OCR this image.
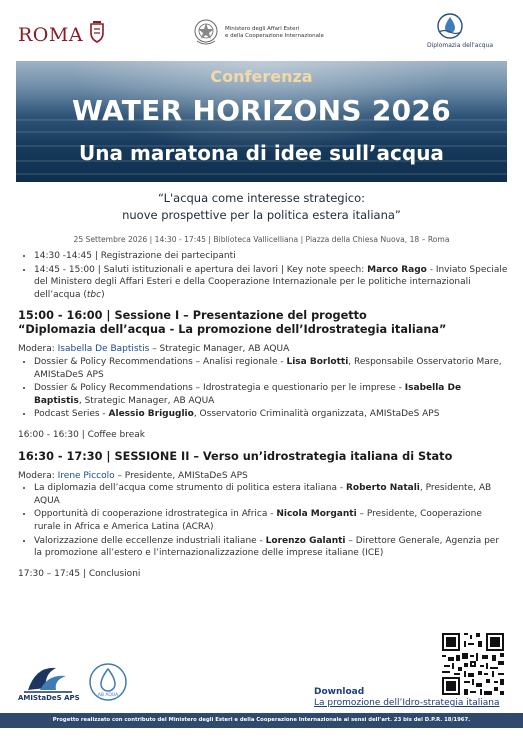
ROMA	Ministero degli Affari Esteri
e della Cooperazione Internazionale
Diplomazia dell'acqua
Conferenza
WATER HORIZONS 2026
Una maratona di idee sull’acqua
“L'acqua come interesse strategico:
nuove prospettive per la politica estera italiana”
25 Settembre 2026 | 14:30 - 17:45 | Biblioteca Vallicelliana | Piazza della Chiesa Nuova, 18 – Roma
• 14:30 -14:45 | Registrazione dei partecipanti
• 14:45 - 15:00 | Saluti istituzionali e apertura dei lavori | Key note speech: Marco Rago - Inviato Speciale del Ministero degli Affari Esteri e della Cooperazione Internazionale per le politiche internazionali dell’acqua (tbc)
15:00 - 16:00 | Sessione I – Presentazione del progetto
“Diplomazia dell’acqua - La promozione dell’Idrostrategia italiana”

Modera: Isabella De Baptistis – Strategic Manager, AB AQUA

• Dossier & Policy Recommendations – Analisi regionale - Lisa Borlotti, Responsabile Osservatorio Mare, AMIStaDeS APS
• Dossier & Policy Recommendations – Idrostrategia e questionario per le imprese - Isabella De Baptistis, Strategic Manager, AB AQUA
• Podcast Series - Alessio Briguglio, Osservatorio Criminalità organizzata, AMIStaDeS APS

16:00 - 16:30 | Coffee break

16:30 - 17:30 | SESSIONE II – Verso un’idrostrategia italiana di Stato

Modera: Irene Piccolo – Presidente, AMIStaDeS APS

• La diplomazia dell’acqua come strumento di politica estera italiana - Roberto Natali, Presidente, AB AQUA
• Opportunità di cooperazione idrostrategica in Africa - Nicola Morganti – Presidente, Cooperazione rurale in Africa e America Latina (ACRA)
• Valorizzazione delle eccellenze industriali italiane - Lorenzo Galanti – Direttore Generale, Agenzia per la promozione all’estero e l’internazionalizzazione delle imprese italiane (ICE)

17:30 – 17:45 | Conclusioni

Download
La promozione dell’Idro-strategia italiana
AMIStaDeS APS	AB AQUA
Progetto realizzato con contributo del Ministero degli Esteri e della Cooperazione Internazionale ai sensi dell’art. 23 bis del D.P.R. 18/1967.
